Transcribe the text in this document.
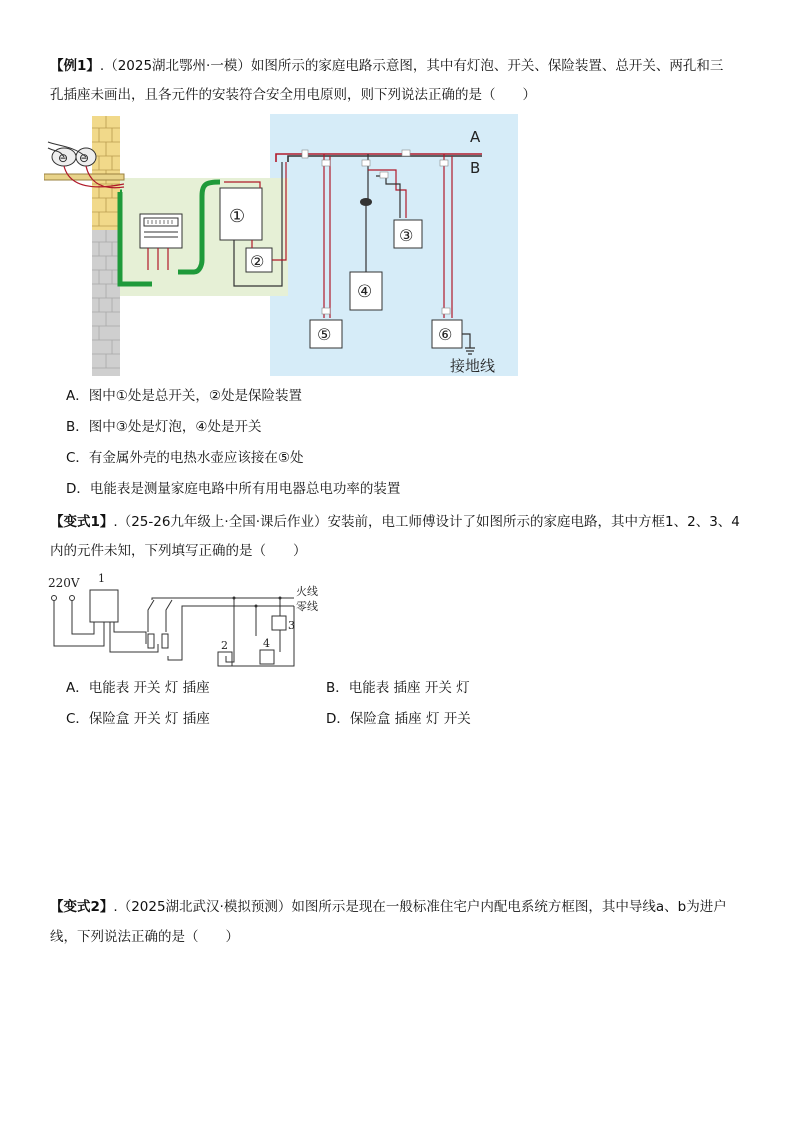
【例1】.（2025湖北鄂州·一模）如图所示的家庭电路示意图，其中有灯泡、开关、保险装置、总开关、两孔和三
孔插座未画出，且各元件的安装符合安全用电原则，则下列说法正确的是（　　）
⊖ ⊖
①
②
A
B
⑤
③
④
⑥
接地线
A．图中①处是总开关，②处是保险装置
B．图中③处是灯泡，④处是开关
C．有金属外壳的电热水壶应该接在⑤处
D．电能表是测量家庭电路中所有用电器总电功率的装置
【变式1】.（25-26九年级上·全国·课后作业）安装前，电工师傅设计了如图所示的家庭电路，其中方框1、2、3、4
内的元件未知，下列填写正确的是（　　）
220V 1
火线
零线
2
3
4
A．电能表 开关 灯 插座	B．电能表 插座 开关 灯
C．保险盒 开关 灯 插座	D．保险盒 插座 灯 开关
【变式2】.（2025湖北武汉·模拟预测）如图所示是现在一般标准住宅户内配电系统方框图，其中导线a、b为进户
线，下列说法正确的是（　　）
